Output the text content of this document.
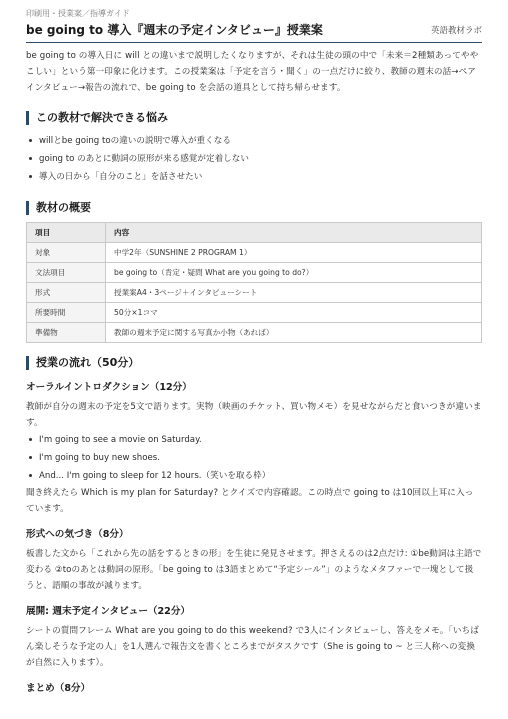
印刷用・授業案／指導ガイド
be going to 導入『週末の予定インタビュー』授業案	英語教材ラボ

be going to の導入日に will との違いまで説明したくなりますが、それは生徒の頭の中で「未来＝2種類あってややこしい」という第一印象に化けます。この授業案は「予定を言う・聞く」の一点だけに絞り、教師の週末の話→ペアインタビュー→報告の流れで、be going to を会話の道具として持ち帰らせます。

この教材で解決できる悩み
willとbe going toの違いの説明で導入が重くなる
going to のあとに動詞の原形が来る感覚が定着しない
導入の日から「自分のこと」を話させたい
教材の概要
項目	内容
対象	中学2年（SUNSHINE 2 PROGRAM 1）
文法項目	be going to（肯定・疑問 What are you going to do?）
形式	授業案A4・3ページ＋インタビューシート
所要時間	50分×1コマ
準備物	教師の週末予定に関する写真か小物（あれば）
授業の流れ（50分）
オーラルイントロダクション（12分）

教師が自分の週末の予定を5文で語ります。実物（映画のチケット、買い物メモ）を見せながらだと食いつきが違います。

I'm going to see a movie on Saturday.
I'm going to buy new shoes.
And... I'm going to sleep for 12 hours.（笑いを取る枠）

聞き終えたら Which is my plan for Saturday? とクイズで内容確認。この時点で going to は10回以上耳に入っています。

形式への気づき（8分）

板書した文から「これから先の話をするときの形」を生徒に発見させます。押さえるのは2点だけ: ①be動詞は主語で変わる ②toのあとは動詞の原形。「be going to は3語まとめて“予定シール”」のようなメタファーで一塊として扱うと、語順の事故が減ります。

展開: 週末予定インタビュー（22分）

シートの質問フレーム What are you going to do this weekend? で3人にインタビューし、答えをメモ。「いちばん楽しそうな予定の人」を1人選んで報告文を書くところまでがタスクです（She is going to ~ と三人称への変換が自然に入ります）。

まとめ（8分）
